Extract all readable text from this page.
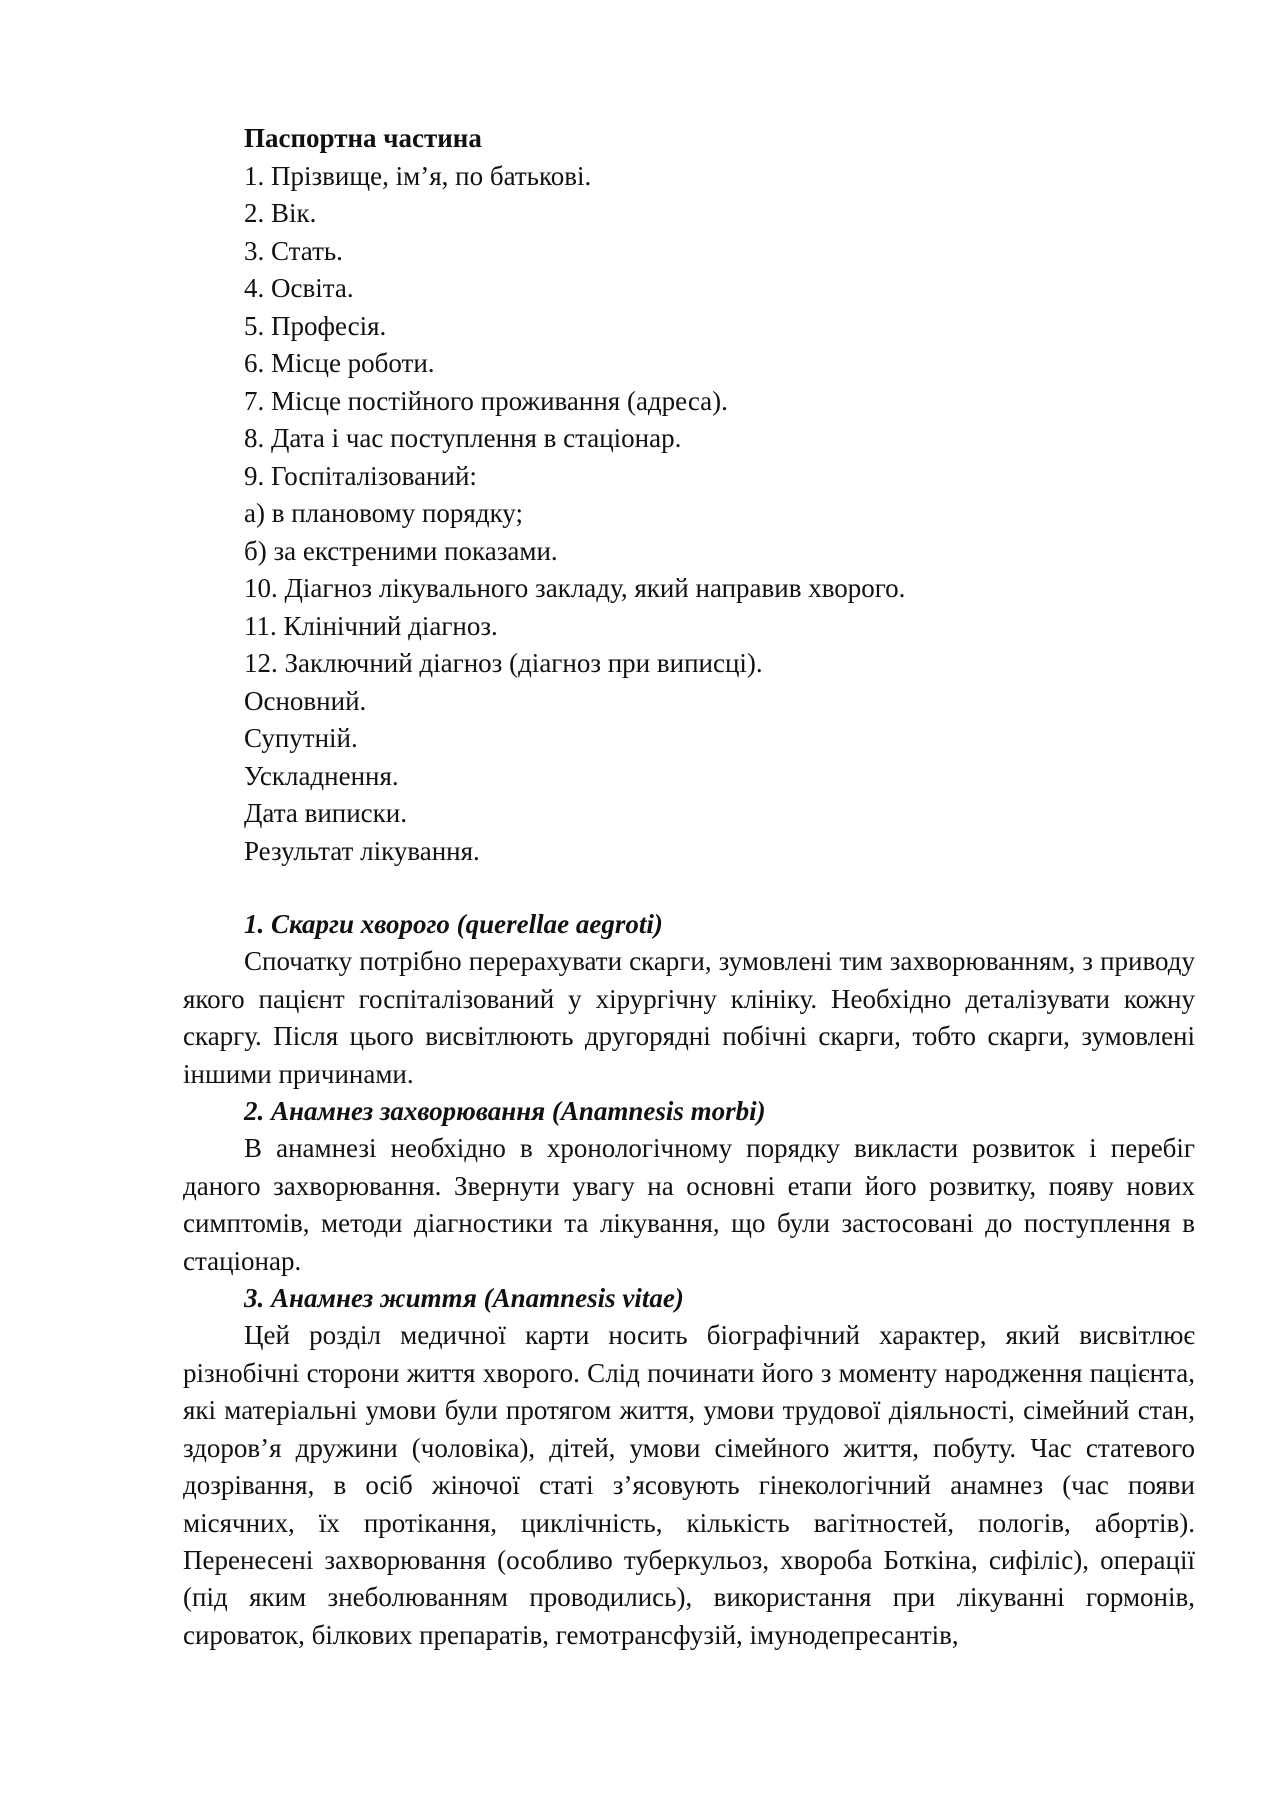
Паспортна частина
1. Прізвище, ім’я, по батькові.
2. Вік.
3. Стать.
4. Освіта.
5. Професія.
6. Місце роботи.
7. Місце постійного проживання (адреса).
8. Дата і час поступлення в стаціонар.
9. Госпіталізований:
а) в плановому порядку;
б) за екстреними показами.
10. Діагноз лікувального закладу, який направив хворого.
11. Клінічний діагноз.
12. Заключний діагноз (діагноз при виписці).
Основний.
Супутній.
Ускладнення.
Дата виписки.
Результат лікування.
1. Скарги хворого (querellae aegroti)

Спочатку потрібно перерахувати скарги, зумовлені тим захворюванням, з приводу якого пацієнт госпіталізований у хірургічну клініку. Необхідно деталізувати кожну скаргу. Після цього висвітлюють другорядні побічні скарги, тобто скарги, зумовлені іншими причинами.

2. Анамнез захворювання (Anamnesis morbi)

В анамнезі необхідно в хронологічному порядку викласти розвиток і перебіг даного захворювання. Звернути увагу на основні етапи його розвитку, появу нових симптомів, методи діагностики та лікування, що були застосовані до поступлення в стаціонар.

3. Анамнез життя (Anamnesis vitae)

Цей розділ медичної карти носить біографічний характер, який висвітлює різнобічні сторони життя хворого. Слід починати його з моменту народження пацієнта, які матеріальні умови були протягом життя, умови трудової діяльності, сімейний стан, здоров’я дружини (чоловіка), дітей, умови сімейного життя, побуту. Час статевого дозрівання, в осіб жіночої статі з’ясовують гінекологічний анамнез (час появи місячних, їх протікання, циклічність, кількість вагітностей, пологів, абортів). Перенесені захворювання (особливо туберкульоз, хвороба Боткіна, сифіліс), операції (під яким знеболюванням проводились), використання при лікуванні гормонів, сироваток, білкових препаратів, гемотрансфузій, імунодепресантів,
